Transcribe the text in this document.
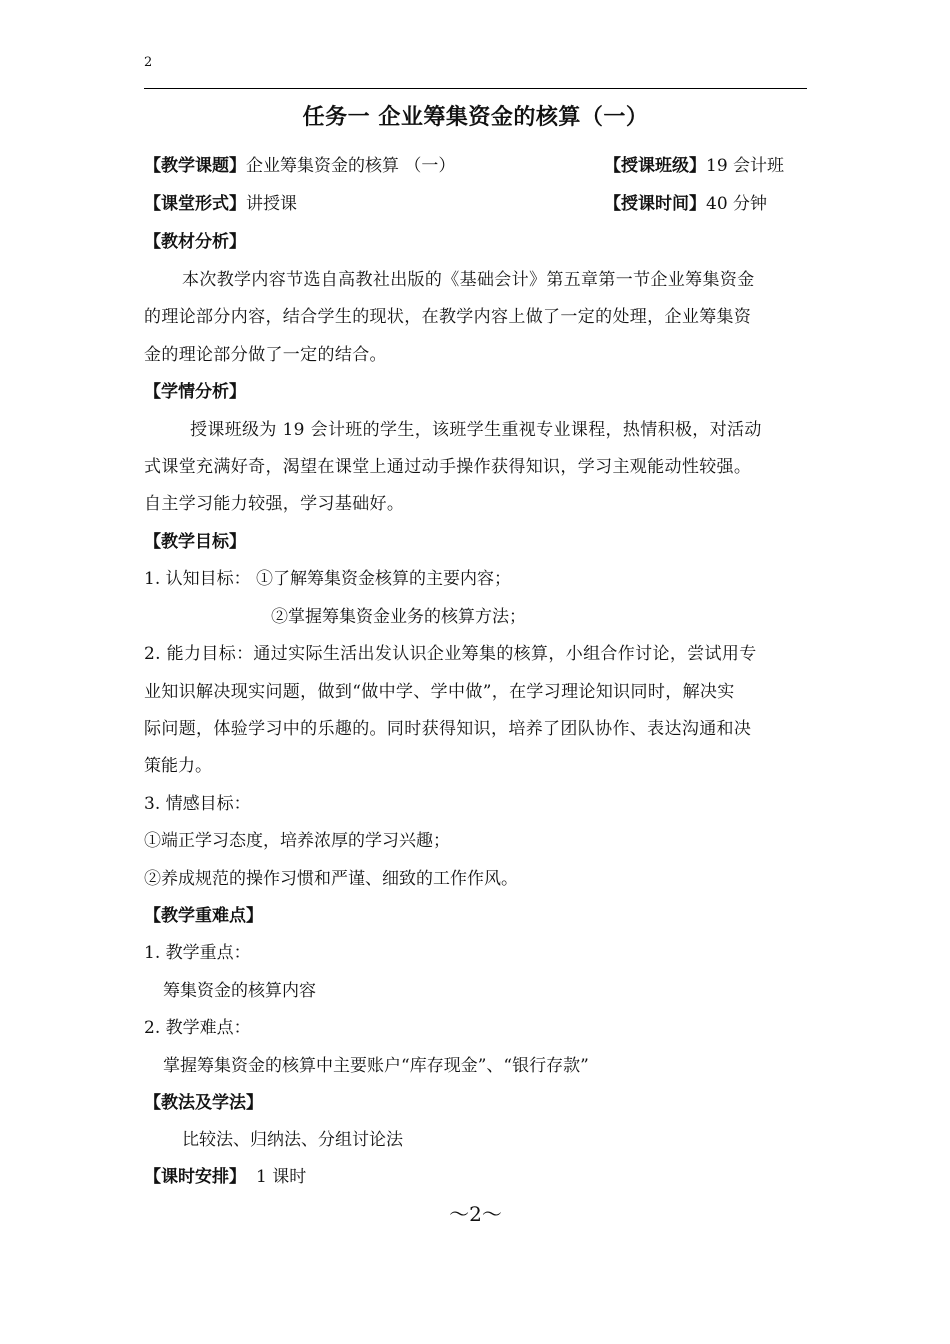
2
任务一 企业筹集资金的核算（一）
【教学课题】企业筹集资金的核算 （一）	【授课班级】19 会计班
【课堂形式】讲授课	【授课时间】40 分钟
【教材分析】
本次教学内容节选自高教社出版的《基础会计》第五章第一节企业筹集资金
的理论部分内容，结合学生的现状，在教学内容上做了一定的处理，企业筹集资
金的理论部分做了一定的结合。
【学情分析】
授课班级为 19 会计班的学生，该班学生重视专业课程，热情积极，对活动
式课堂充满好奇，渴望在课堂上通过动手操作获得知识，学习主观能动性较强。
自主学习能力较强，学习基础好。
【教学目标】
1. 认知目标： ①了解筹集资金核算的主要内容；
②掌握筹集资金业务的核算方法；
2. 能力目标：通过实际生活出发认识企业筹集的核算，小组合作讨论，尝试用专
业知识解决现实问题，做到“做中学、学中做”，在学习理论知识同时，解决实
际问题，体验学习中的乐趣的。同时获得知识，培养了团队协作、表达沟通和决
策能力。
3. 情感目标：
①端正学习态度，培养浓厚的学习兴趣；
②养成规范的操作习惯和严谨、细致的工作作风。
【教学重难点】
1. 教学重点：
筹集资金的核算内容
2. 教学难点：
掌握筹集资金的核算中主要账户“库存现金”、“银行存款”
【教法及学法】
比较法、归纳法、分组讨论法
【课时安排】 1 课时
～2～
